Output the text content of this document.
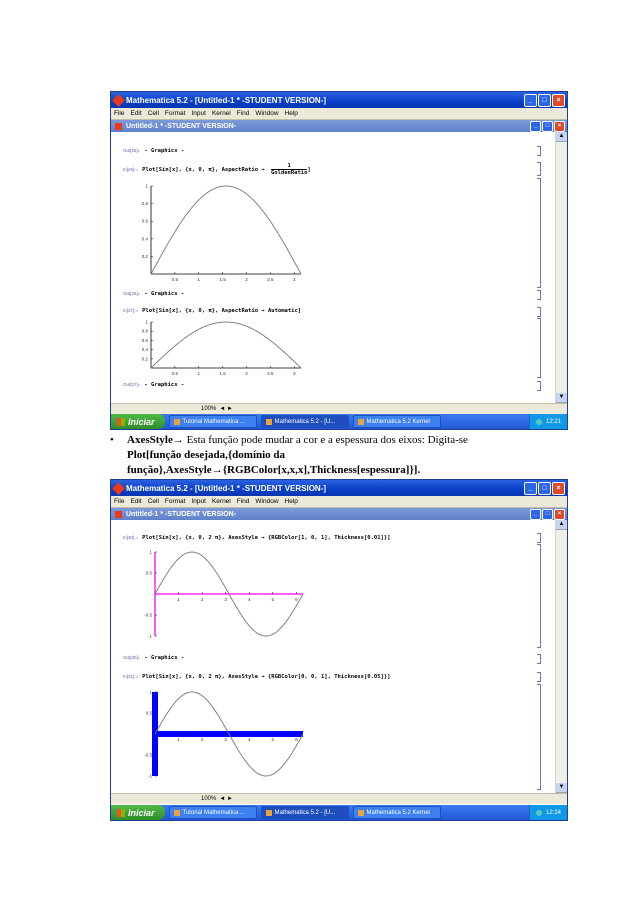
Mathematica 5.2 - [Untitled-1 * -STUDENT VERSION-]	_	□	×
File Edit Cell Format Input Kernel Find Window Help
Untitled-1 * -STUDENT VERSION-	_	□	×
Out[25]= - Graphics -
In[26]:= Plot[Sin[x], {x, 0, π}, AspectRatio →
1
GoldenRatio ]
0.5	1	1.5	2	2.5	3
1
0.8
0.6
0.4
0.2
Out[26]= - Graphics -
In[27]:= Plot[Sin[x], {x, 0, π}, AspectRatio → Automatic]
0.5	1	1.5	2	2.5	3
1
0.8
0.6
0.4
0.2
Out[27]= - Graphics -
▲
▼
100% ◄ ►
Iniciar	Tutorial Mathematica ...	Mathematica 5.2 - [U...	Mathematica 5.2 Kernel	12:21
• AxesStyle→ Esta função pode mudar a cor e a espessura dos eixos: Digita-se
Plot[função desejada,{domínio da
função},AxesStyle→{RGBColor[x,x,x],Thickness[espessura]}].
Mathematica 5.2 - [Untitled-1 * -STUDENT VERSION-]	_	□	×
File Edit Cell Format Input Kernel Find Window Help
Untitled-1 * -STUDENT VERSION-	_	□	×
In[30]:= Plot[Sin[x], {x, 0, 2 π}, AxesStyle → {RGBColor[1, 0, 1], Thickness[0.01]}]
1	2	3	4	5	6
1
0.5
-0.5
-1
Out[30]= - Graphics -
In[31]:= Plot[Sin[x], {x, 0, 2 π}, AxesStyle → {RGBColor[0, 0, 1], Thickness[0.05]}]
1	2	3	4	5	6
1
0.5
-0.5
-1
▲
▼
100% ◄ ►
Iniciar	Tutorial Mathematica ...	Mathematica 5.2 - [U...	Mathematica 5.2 Kernel	12:24
